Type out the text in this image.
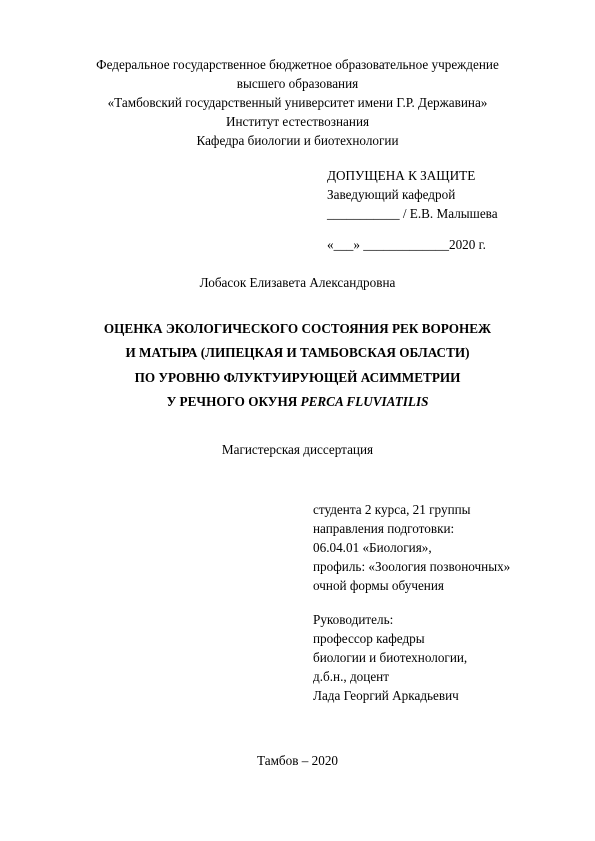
Федеральное государственное бюджетное образовательное учреждение
высшего образования
«Тамбовский государственный университет имени Г.Р. Державина»
Институт естествознания
Кафедра биологии и биотехнологии
ДОПУЩЕНА К ЗАЩИТЕ
Заведующий кафедрой
___________ / Е.В. Малышева
«___» _____________2020 г.
Лобасок Елизавета Александровна
ОЦЕНКА ЭКОЛОГИЧЕСКОГО СОСТОЯНИЯ РЕК ВОРОНЕЖ
И МАТЫРА (ЛИПЕЦКАЯ И ТАМБОВСКАЯ ОБЛАСТИ)
ПО УРОВНЮ ФЛУКТУИРУЮЩЕЙ АСИММЕТРИИ
У РЕЧНОГО ОКУНЯ PERCA FLUVIATILIS
Магистерская диссертация
студента 2 курса, 21 группы
направления подготовки:
06.04.01 «Биология»,
профиль: «Зоология позвоночных»
очной формы обучения
Руководитель:
профессор кафедры
биологии и биотехнологии,
д.б.н., доцент
Лада Георгий Аркадьевич
Тамбов – 2020
